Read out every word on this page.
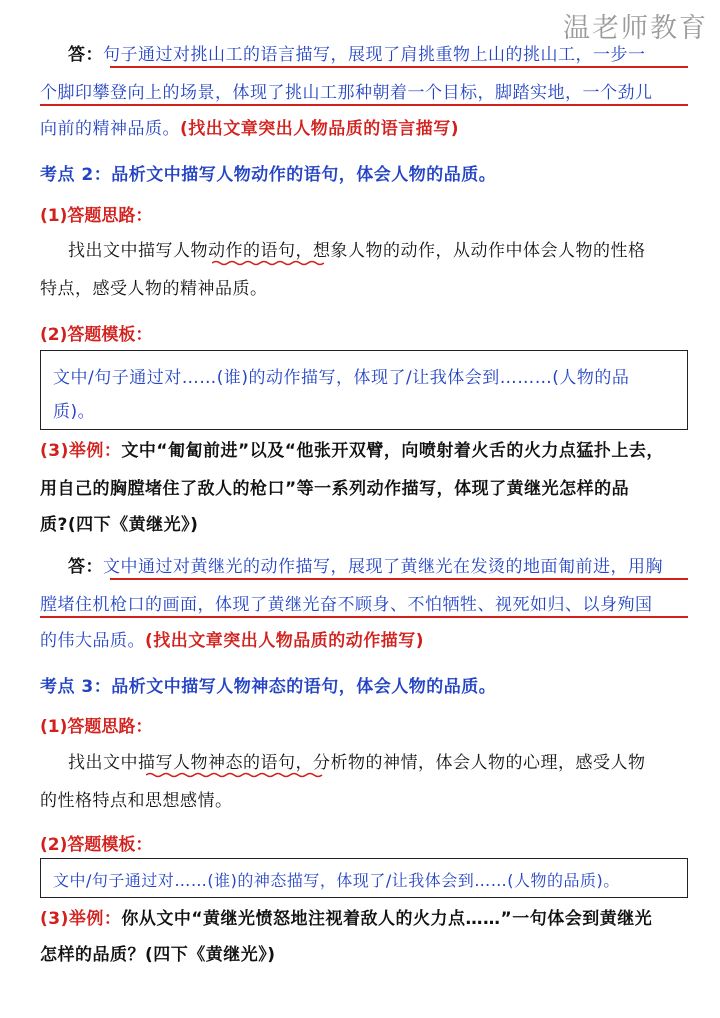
温老师教育
答：句子通过对挑山工的语言描写，展现了肩挑重物上山的挑山工，一步一
个脚印攀登向上的场景，体现了挑山工那种朝着一个目标，脚踏实地，一个劲儿
向前的精神品质。(找出文章突出人物品质的语言描写)
考点 2：品析文中描写人物动作的语句，体会人物的品质。
(1)答题思路：
找出文中描写人物动作的语句，想象人物的动作，从动作中体会人物的性格
特点，感受人物的精神品质。
(2)答题模板：
文中/句子通过对……(谁)的动作描写，体现了/让我体会到………(人物的品
质)。
(3)举例：文中“匍匐前进”以及“他张开双臂，向喷射着火舌的火力点猛扑上去，
用自己的胸膛堵住了敌人的枪口”等一系列动作描写，体现了黄继光怎样的品
质?(四下《黄继光》)
答：文中通过对黄继光的动作描写，展现了黄继光在发烫的地面匍前进，用胸
膛堵住机枪口的画面，体现了黄继光奋不顾身、不怕牺牲、视死如归、以身殉国
的伟大品质。(找出文章突出人物品质的动作描写)
考点 3：品析文中描写人物神态的语句，体会人物的品质。
(1)答题思路：
找出文中描写人物神态的语句，分析物的神情，体会人物的心理，感受人物
的性格特点和思想感情。
(2)答题模板：
文中/句子通过对……(谁)的神态描写，体现了/让我体会到……(人物的品质)。
(3)举例：你从文中“黄继光愤怒地注视着敌人的火力点……”一句体会到黄继光
怎样的品质？(四下《黄继光》)
